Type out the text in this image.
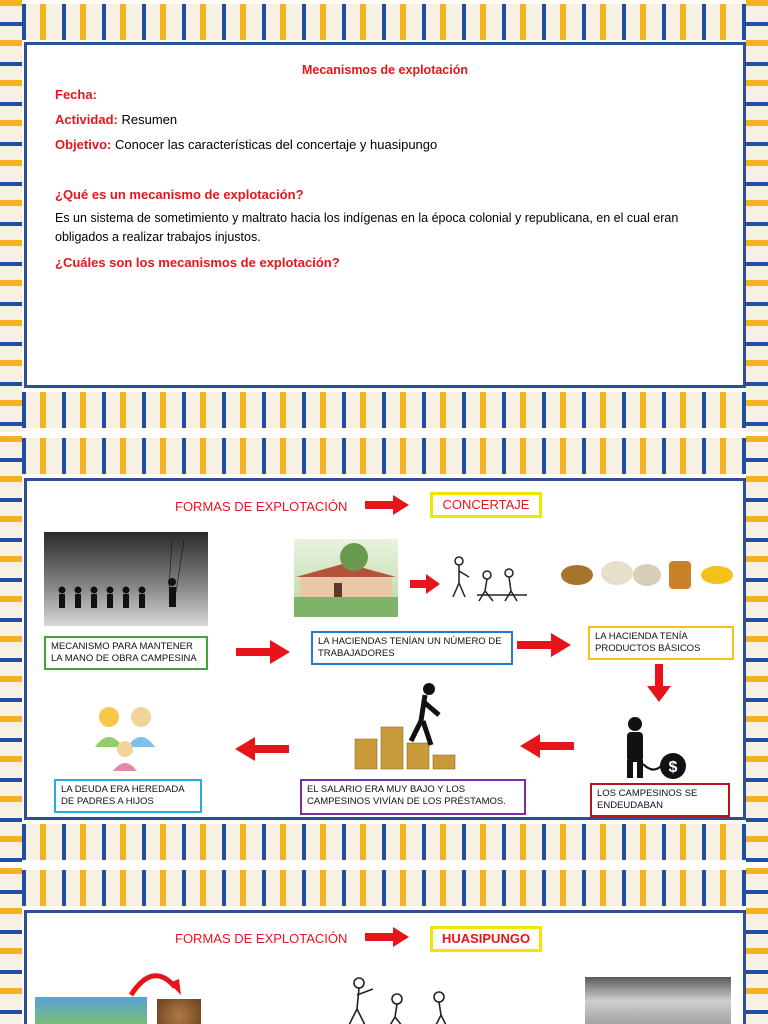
Mecanismos de explotación
Fecha:
Actividad: Resumen
Objetivo: Conocer las características del concertaje y huasipungo
¿Qué es un mecanismo de explotación?
Es un sistema de sometimiento y maltrato hacia los indígenas en la época colonial y republicana, en el cual eran
obligados a realizar trabajos injustos.
¿Cuáles son los mecanismos de explotación?
FORMAS DE EXPLOTACIÓN	CONCERTAJE
MECANISMO PARA MANTENER LA MANO DE OBRA CAMPESINA
LA HACIENDAS TENÍAN UN NÚMERO DE TRABAJADORES
LA HACIENDA TENÍA PRODUCTOS BÁSICOS
$
LA DEUDA ERA HEREDADA DE PADRES A HIJOS
EL SALARIO ERA MUY BAJO Y LOS CAMPESINOS VIVÍAN DE LOS PRÉSTAMOS.
LOS CAMPESINOS SE ENDEUDABAN
FORMAS DE EXPLOTACIÓN	HUASIPUNGO
